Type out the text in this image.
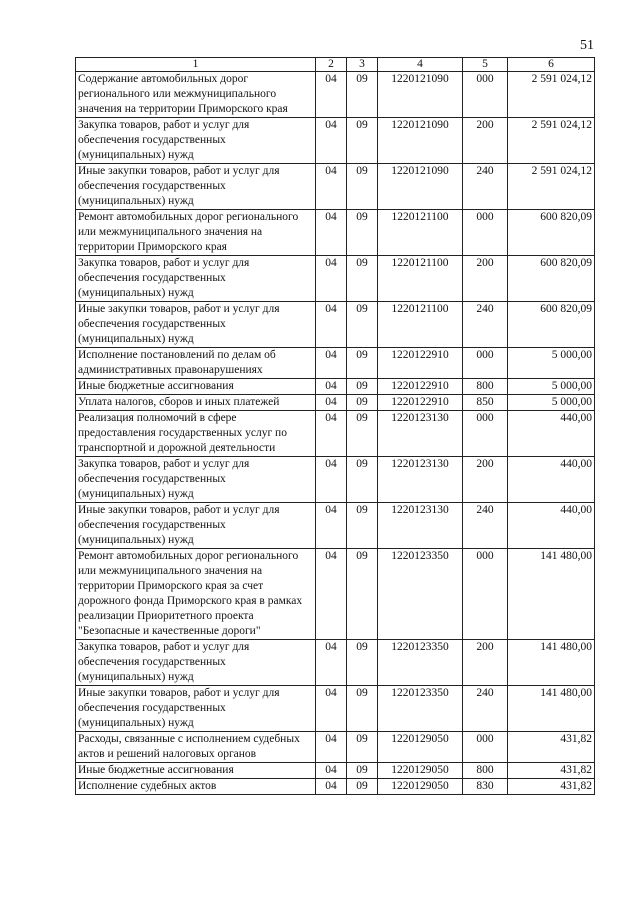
51
1	2	3	4	5	6
Содержание автомобильных дорог регионального или межмуниципального значения на территории Приморского края	04	09	1220121090	000	2 591 024,12
Закупка товаров, работ и услуг для обеспечения государственных (муниципальных) нужд	04	09	1220121090	200	2 591 024,12
Иные закупки товаров, работ и услуг для обеспечения государственных (муниципальных) нужд	04	09	1220121090	240	2 591 024,12
Ремонт автомобильных дорог регионального или межмуниципального значения на территории Приморского края	04	09	1220121100	000	600 820,09
Закупка товаров, работ и услуг для обеспечения государственных (муниципальных) нужд	04	09	1220121100	200	600 820,09
Иные закупки товаров, работ и услуг для обеспечения государственных (муниципальных) нужд	04	09	1220121100	240	600 820,09
Исполнение постановлений по делам об административных правонарушениях	04	09	1220122910	000	5 000,00
Иные бюджетные ассигнования	04	09	1220122910	800	5 000,00
Уплата налогов, сборов и иных платежей	04	09	1220122910	850	5 000,00
Реализация полномочий в сфере предоставления государственных услуг по транспортной и дорожной деятельности	04	09	1220123130	000	440,00
Закупка товаров, работ и услуг для обеспечения государственных (муниципальных) нужд	04	09	1220123130	200	440,00
Иные закупки товаров, работ и услуг для обеспечения государственных (муниципальных) нужд	04	09	1220123130	240	440,00
Ремонт автомобильных дорог регионального или межмуниципального значения на территории Приморского края за счет дорожного фонда Приморского края в рамках реализации Приоритетного проекта "Безопасные и качественные дороги"	04	09	1220123350	000	141 480,00
Закупка товаров, работ и услуг для обеспечения государственных (муниципальных) нужд	04	09	1220123350	200	141 480,00
Иные закупки товаров, работ и услуг для обеспечения государственных (муниципальных) нужд	04	09	1220123350	240	141 480,00
Расходы, связанные с исполнением судебных актов и решений налоговых органов	04	09	1220129050	000	431,82
Иные бюджетные ассигнования	04	09	1220129050	800	431,82
Исполнение судебных актов	04	09	1220129050	830	431,82
